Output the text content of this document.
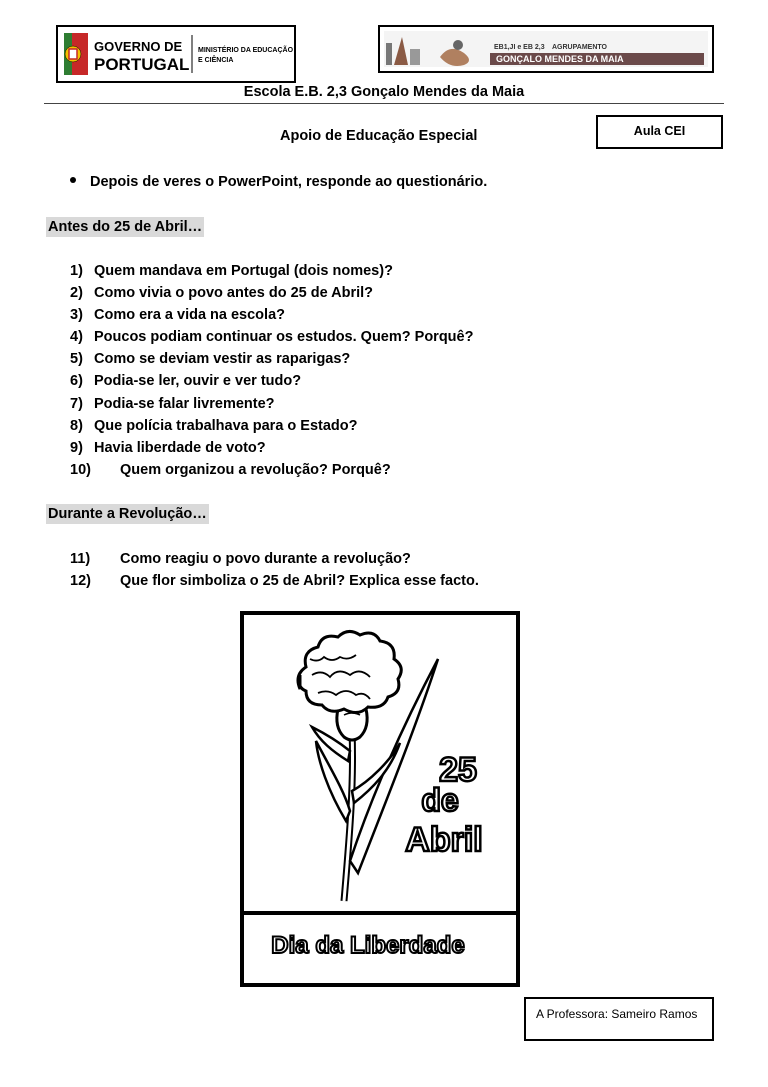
GOVERNO DE
PORTUGAL
MINISTÉRIO DA EDUCAÇÃO
E CIÊNCIA
EB1,JI e EB 2,3 AGRUPAMENTO
GONÇALO MENDES DA MAIA
Escola E.B. 2,3 Gonçalo Mendes da Maia
Apoio de Educação Especial	Aula CEI
Depois de veres o PowerPoint, responde ao questionário.
Antes do 25 de Abril…
1) Quem mandava em Portugal (dois nomes)?
2) Como vivia o povo antes do 25 de Abril?
3) Como era a vida na escola?
4) Poucos podiam continuar os estudos. Quem? Porquê?
5) Como se deviam vestir as raparigas?
6) Podia-se ler, ouvir e ver tudo?
7) Podia-se falar livremente?
8) Que polícia trabalhava para o Estado?
9) Havia liberdade de voto?
10) Quem organizou a revolução? Porquê?
Durante a Revolução…
11) Como reagiu o povo durante a revolução?
12) Que flor simboliza o 25 de Abril? Explica esse facto.
25
de
Abril
Dia da Liberdade
A Professora: Sameiro Ramos
